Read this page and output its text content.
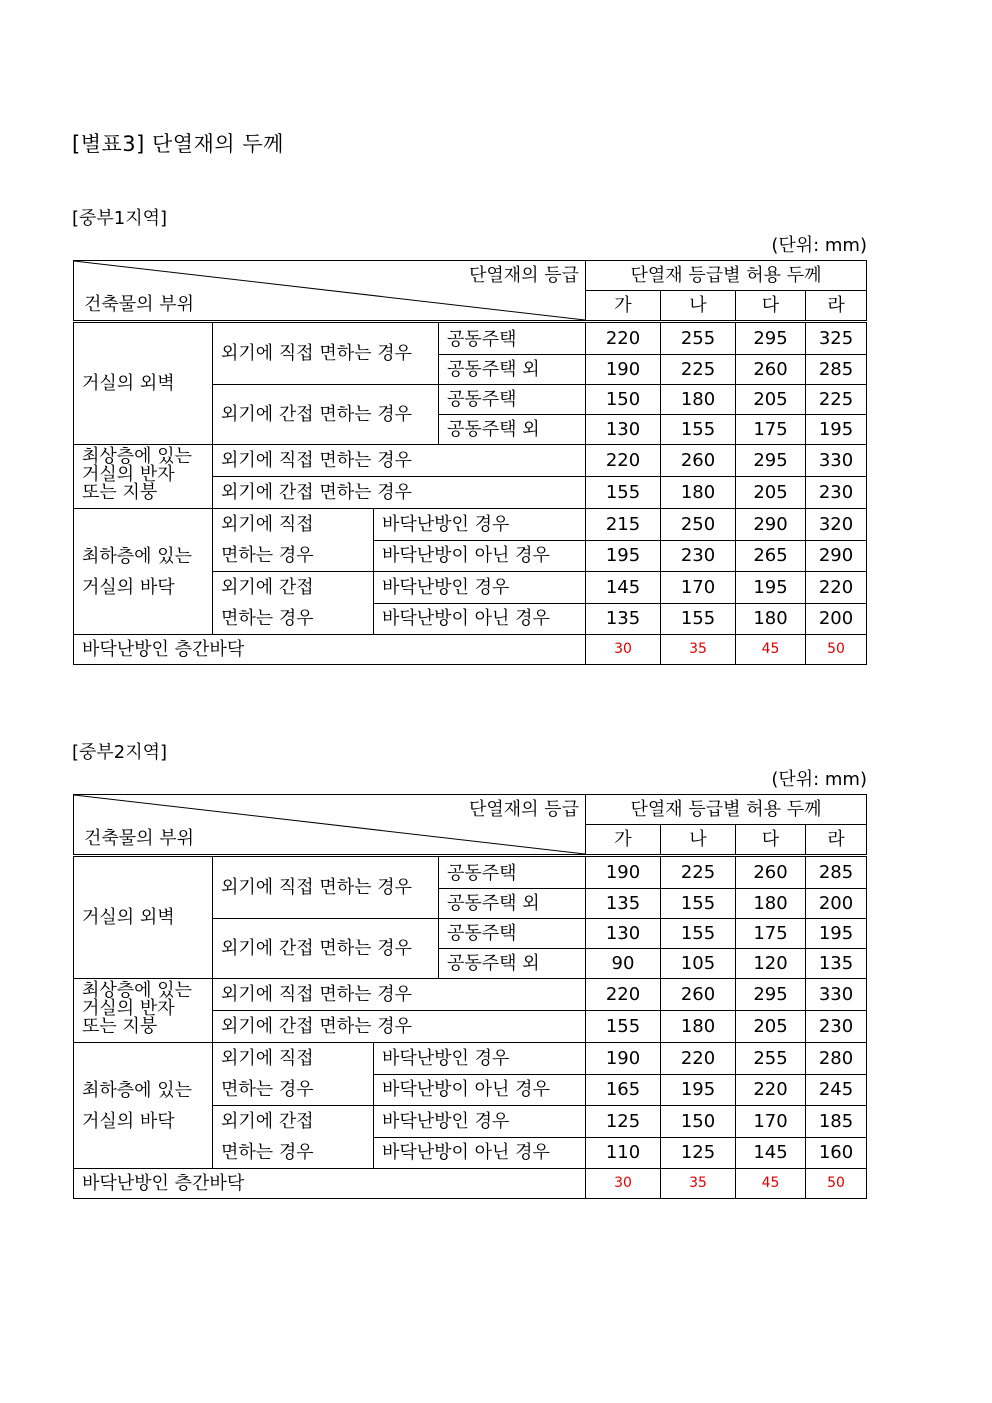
[별표3] 단열재의 두께
[중부1지역]
(단위: mm)
단열재의 등급
건축물의 부위				단열재 등급별 허용 두께			
				가	나	다	라
거실의 외벽	외기에 직접 면하는 경우		공동주택	220	255	295	325
			공동주택 외	190	225	260	285
	외기에 간접 면하는 경우		공동주택	150	180	205	225
			공동주택 외	130	155	175	195

최상층에 있는
거실의 반자
또는 지붕	외기에 직접 면하는 경우			220	260	295	330
	외기에 간접 면하는 경우			155	180	205	230

최하층에 있는
거실의 바닥	외기에 직접
면하는 경우	바닥난방인 경우		215	250	290	320
		바닥난방이 아닌 경우		195	230	265	290

	외기에 간접
면하는 경우	바닥난방인 경우		145	170	195	220
		바닥난방이 아닌 경우		135	155	180	200
바닥난방인 층간바닥				30	35	45	50
[중부2지역]
(단위: mm)
단열재의 등급
건축물의 부위				단열재 등급별 허용 두께			
				가	나	다	라
거실의 외벽	외기에 직접 면하는 경우		공동주택	190	225	260	285
			공동주택 외	135	155	180	200
	외기에 간접 면하는 경우		공동주택	130	155	175	195
			공동주택 외	90	105	120	135

최상층에 있는
거실의 반자
또는 지붕	외기에 직접 면하는 경우			220	260	295	330
	외기에 간접 면하는 경우			155	180	205	230

최하층에 있는
거실의 바닥	외기에 직접
면하는 경우	바닥난방인 경우		190	220	255	280
		바닥난방이 아닌 경우		165	195	220	245

	외기에 간접
면하는 경우	바닥난방인 경우		125	150	170	185
		바닥난방이 아닌 경우		110	125	145	160
바닥난방인 층간바닥				30	35	45	50
